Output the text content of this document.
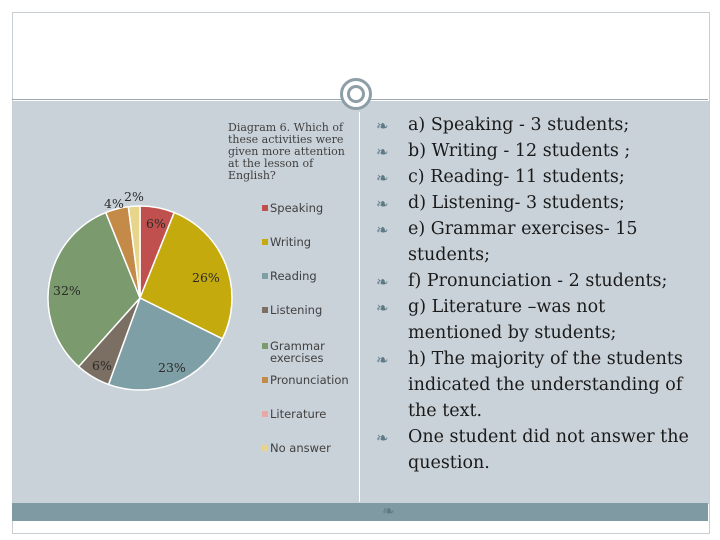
Diagram 6. Which of these activities were given more attention at the lesson of English?
6%
26%
23%
6%
32%
4% 2%
Speaking
Writing
Reading
Listening
Grammar exercises
Pronunciation
Literature
No answer

❧ a) Speaking - 3 students;

❧ b) Writing - 12 students ;

❧ c) Reading- 11 students;

❧ d) Listening- 3 students;

❧ e) Grammar exercises- 15 students;

❧ f) Pronunciation - 2 students;

❧ g) Literature –was not mentioned by students;

❧ h) The majority of the students indicated the understanding of the text.

❧ One student did not answer the question.

❧
